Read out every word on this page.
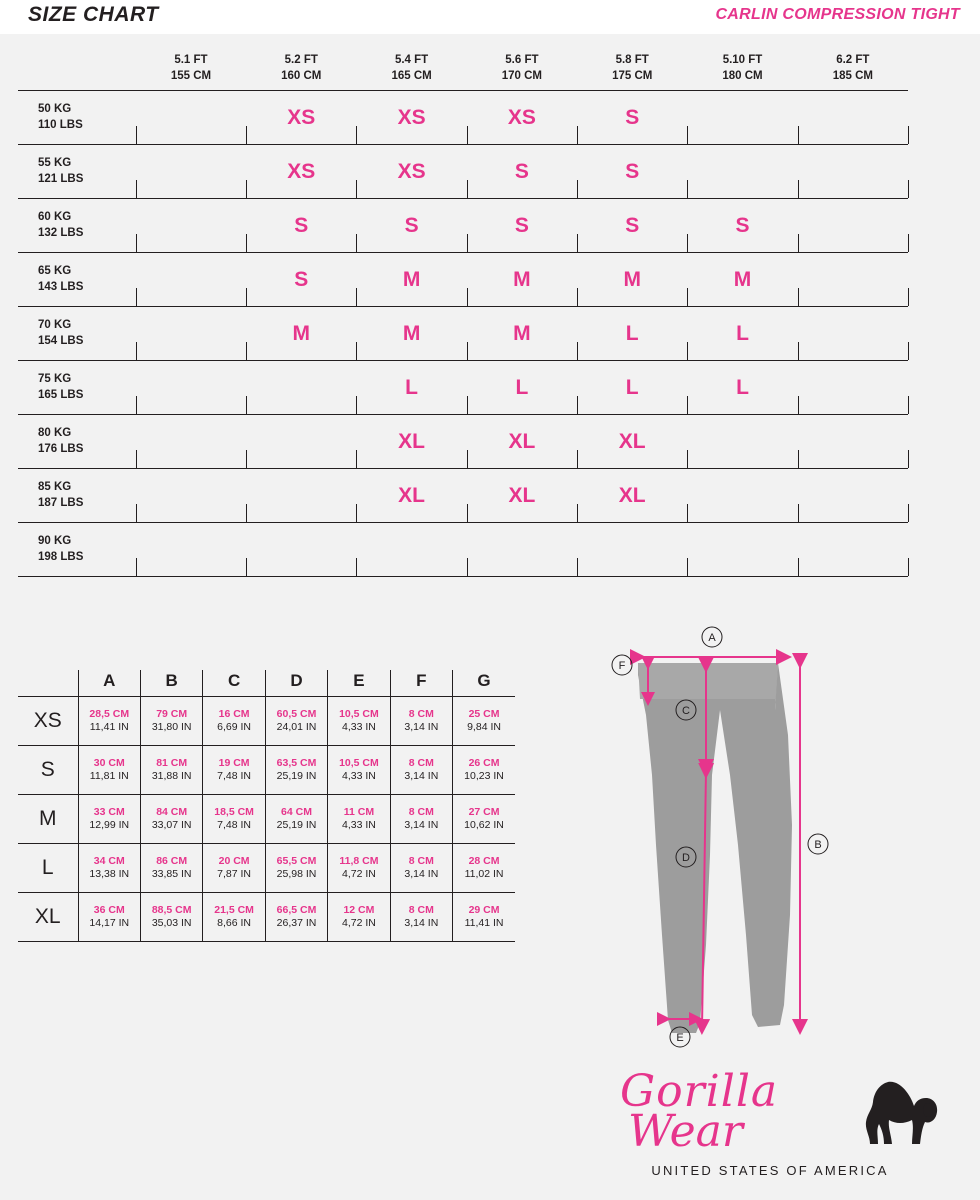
SIZE CHART	CARLIN COMPRESSION TIGHT

5.1 FT
155 CM

5.2 FT
160 CM

5.4 FT
165 CM

5.6 FT
170 CM

5.8 FT
175 CM

5.10 FT
180 CM

6.2 FT
185 CM

50 KG
110 LBS		XS	XS	XS	S		

55 KG
121 LBS		XS	XS	S	S		

60 KG
132 LBS		S	S	S	S	S	

65 KG
143 LBS		S	M	M	M	M	

70 KG
154 LBS		M	M	M	L	L	

75 KG
165 LBS			L	L	L	L	

80 KG
176 LBS			XL	XL	XL		

85 KG
187 LBS			XL	XL	XL		

90 KG
198 LBS							

	A	B	C	D	E	F	G
XS	28,5 CM
11,41 IN	79 CM
31,80 IN	16 CM
6,69 IN	60,5 CM
24,01 IN	10,5 CM
4,33 IN	8 CM
3,14 IN	25 CM
9,84 IN

S	30 CM
11,81 IN	81 CM
31,88 IN	19 CM
7,48 IN	63,5 CM
25,19 IN	10,5 CM
4,33 IN	8 CM
3,14 IN	26 CM
10,23 IN

M	33 CM
12,99 IN	84 CM
33,07 IN	18,5 CM
7,48 IN	64 CM
25,19 IN	11 CM
4,33 IN	8 CM
3,14 IN	27 CM
10,62 IN

L	34 CM
13,38 IN	86 CM
33,85 IN	20 CM
7,87 IN	65,5 CM
25,98 IN	11,8 CM
4,72 IN	8 CM
3,14 IN	28 CM
11,02 IN

XL	36 CM
14,17 IN	88,5 CM
35,03 IN	21,5 CM
8,66 IN	66,5 CM
26,37 IN	12 CM
4,72 IN	8 CM
3,14 IN	29 CM
11,41 IN
A
B
C
D
E
F
Gorilla
Wear
UNITED STATES OF AMERICA
